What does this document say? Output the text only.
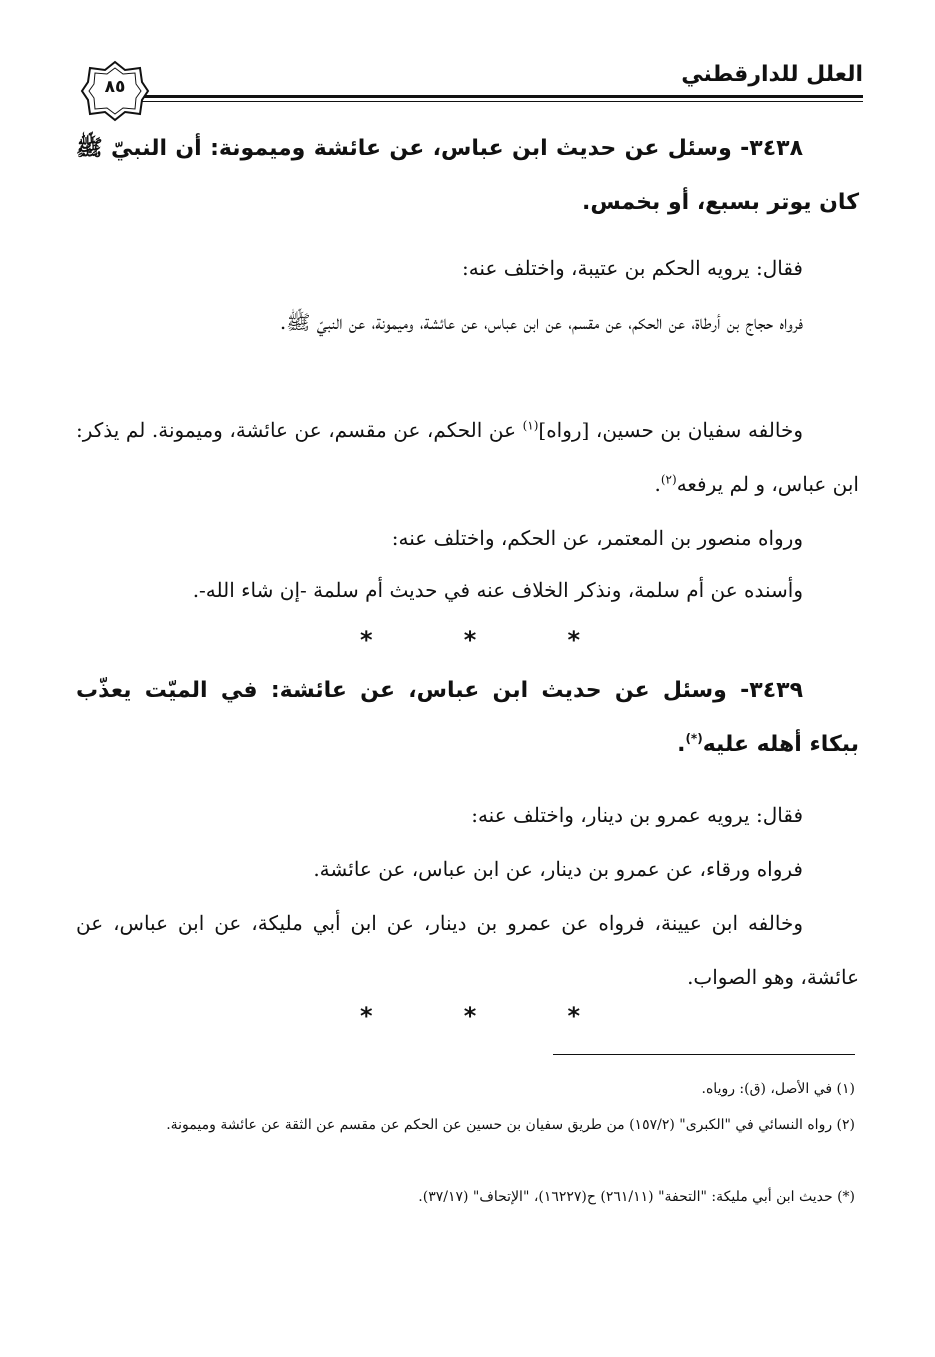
العلل للدارقطني
٨٥

٣٤٣٨- وسئل عن حديث ابن عباس، عن عائشة وميمونة: أن النبيّ ﷺ كان يوتر بسبع، أو بخمس.

فقال: يرويه الحكم بن عتيبة، واختلف عنه:

فرواه حجاج بن أرطاة، عن الحكم، عن مقسم، عن ابن عباس، عن عائشة، وميمونة، عن النبيّ ﷺ.

وخالفه سفيان بن حسين، [رواه]$^{(١)}$ عن الحكم، عن مقسم، عن عائشة، وميمونة. لم يذكر: ابن عباس، و لم يرفعه$^{(٢)}$.

ورواه منصور بن المعتمر، عن الحكم، واختلف عنه:

وأسنده عن أم سلمة، ونذكر الخلاف عنه في حديث أم سلمة -إن شاء الله-.

*	*	*

٣٤٣٩- وسئل عن حديث ابن عباس، عن عائشة: في الميّت يعذّب ببكاء أهله عليه(*).

فقال: يرويه عمرو بن دينار، واختلف عنه:

فرواه ورقاء، عن عمرو بن دينار، عن ابن عباس، عن عائشة.

وخالفه ابن عيينة، فرواه عن عمرو بن دينار، عن ابن أبي مليكة، عن ابن عباس، عن عائشة، وهو الصواب.

*	*	*

(١) في الأصل، (ق): روياه.

(٢) رواه النسائي في "الكبرى" (١٥٧/٢) من طريق سفيان بن حسين عن الحكم عن مقسم عن الثقة عن عائشة وميمونة.

(*) حديث ابن أبي مليكة: "التحفة" (٢٦١/١١) ح(١٦٢٢٧)، "الإتحاف" (٣٧/١٧).
